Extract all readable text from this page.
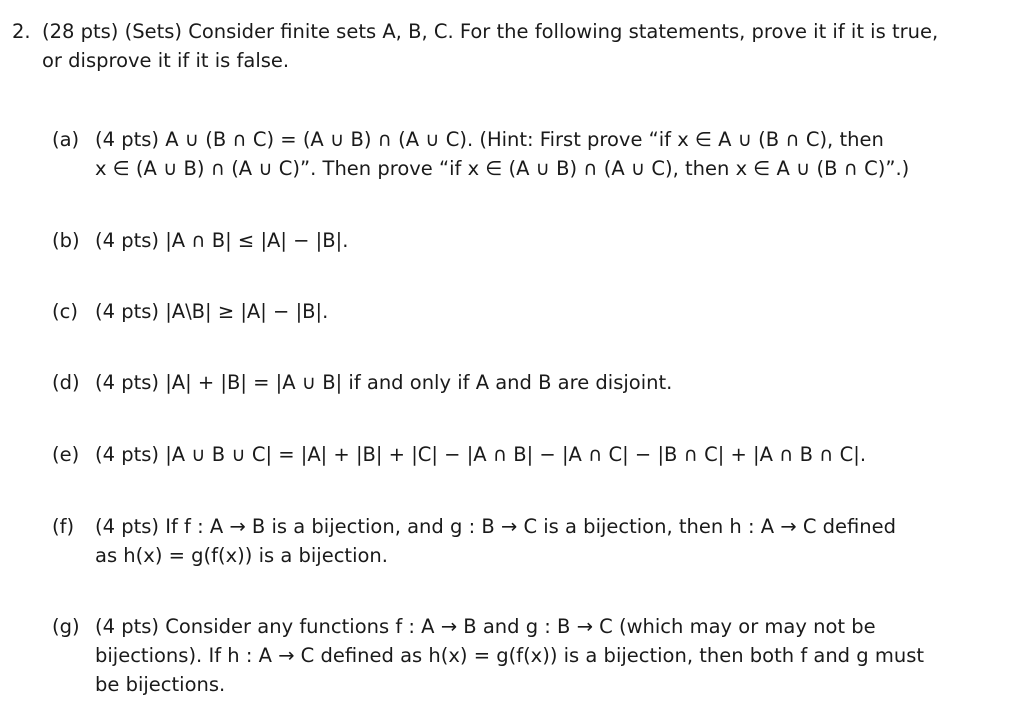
2. (28 pts) (Sets) Consider finite sets A, B, C. For the following statements, prove it if it is true,
or disprove it if it is false.
(a) (4 pts) A ∪ (B ∩ C) = (A ∪ B) ∩ (A ∪ C). (Hint: First prove “if x ∈ A ∪ (B ∩ C), then
x ∈ (A ∪ B) ∩ (A ∪ C)”. Then prove “if x ∈ (A ∪ B) ∩ (A ∪ C), then x ∈ A ∪ (B ∩ C)”.)
(b) (4 pts) |A ∩ B| ≤ |A| − |B|.
(c) (4 pts) |A\B| ≥ |A| − |B|.
(d) (4 pts) |A| + |B| = |A ∪ B| if and only if A and B are disjoint.
(e) (4 pts) |A ∪ B ∪ C| = |A| + |B| + |C| − |A ∩ B| − |A ∩ C| − |B ∩ C| + |A ∩ B ∩ C|.
(f) (4 pts) If f : A → B is a bijection, and g : B → C is a bijection, then h : A → C defined
as h(x) = g(f(x)) is a bijection.
(g) (4 pts) Consider any functions f : A → B and g : B → C (which may or may not be
bijections). If h : A → C defined as h(x) = g(f(x)) is a bijection, then both f and g must
be bijections.
